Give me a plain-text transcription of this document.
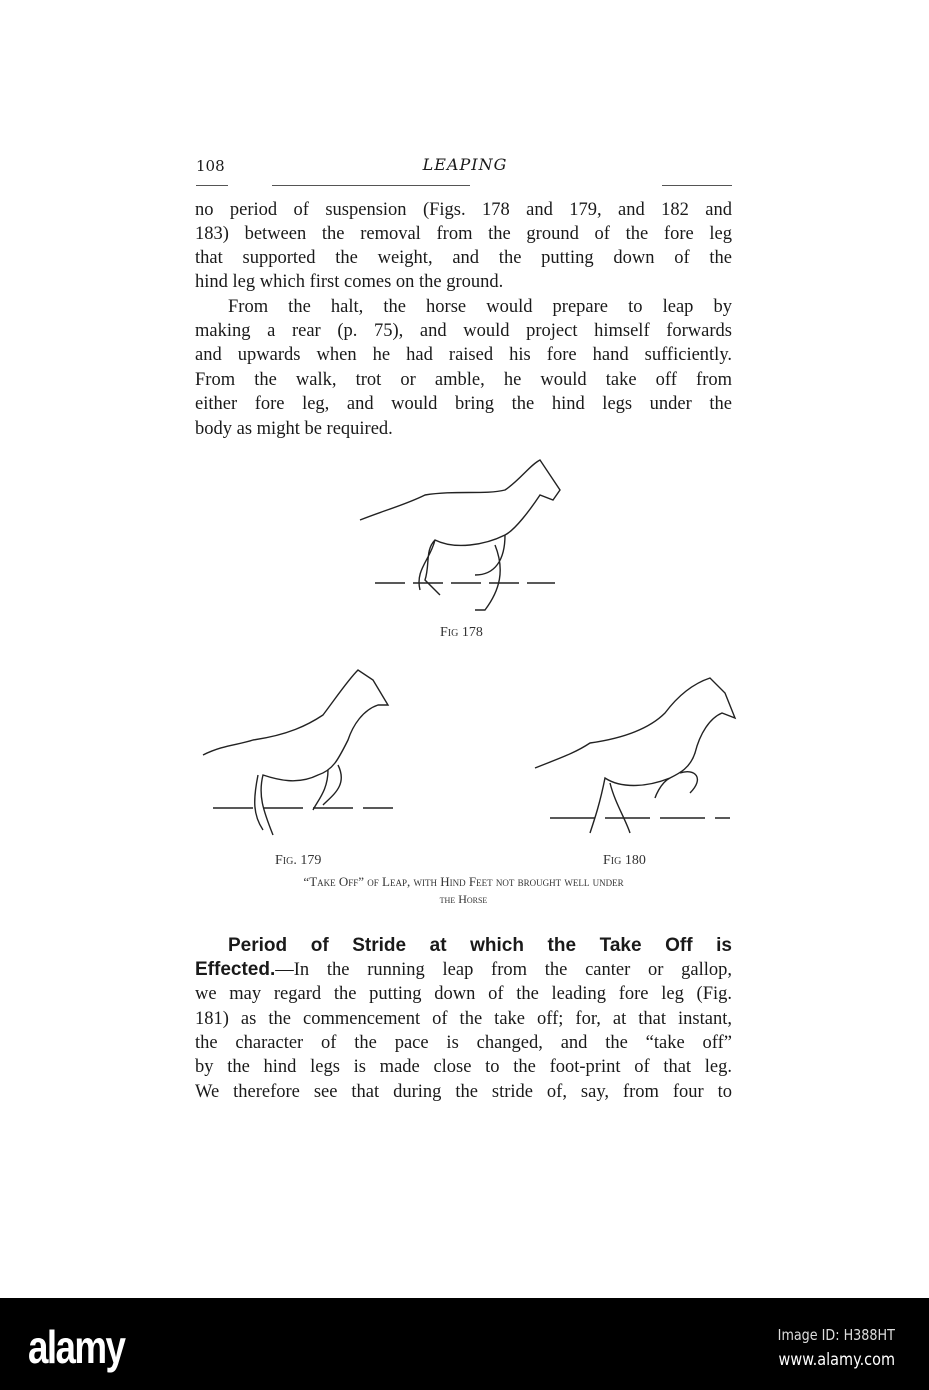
108	LEAPING
no period of suspension (Figs. 178 and 179, and 182 and
183) between the removal from the ground of the fore leg
that supported the weight, and the putting down of the
hind leg which first comes on the ground.
From the halt, the horse would prepare to leap by
making a rear (p. 75), and would project himself forwards
and upwards when he had raised his fore hand sufficiently.
From the walk, trot or amble, he would take off from
either fore leg, and would bring the hind legs under the
body as might be required.
Fig 178
Fig. 179	Fig 180
“Take Off” of Leap, with Hind Feet not brought well under
the Horse
Period of Stride at which the Take Off is
Effected.—In the running leap from the canter or gallop,
we may regard the putting down of the leading fore leg (Fig.
181) as the commencement of the take off; for, at that instant,
the character of the pace is changed, and the “take off”
by the hind legs is made close to the foot-print of that leg.
We therefore see that during the stride of, say, from four to
alamy	Image ID: H388HT
www.alamy.com
